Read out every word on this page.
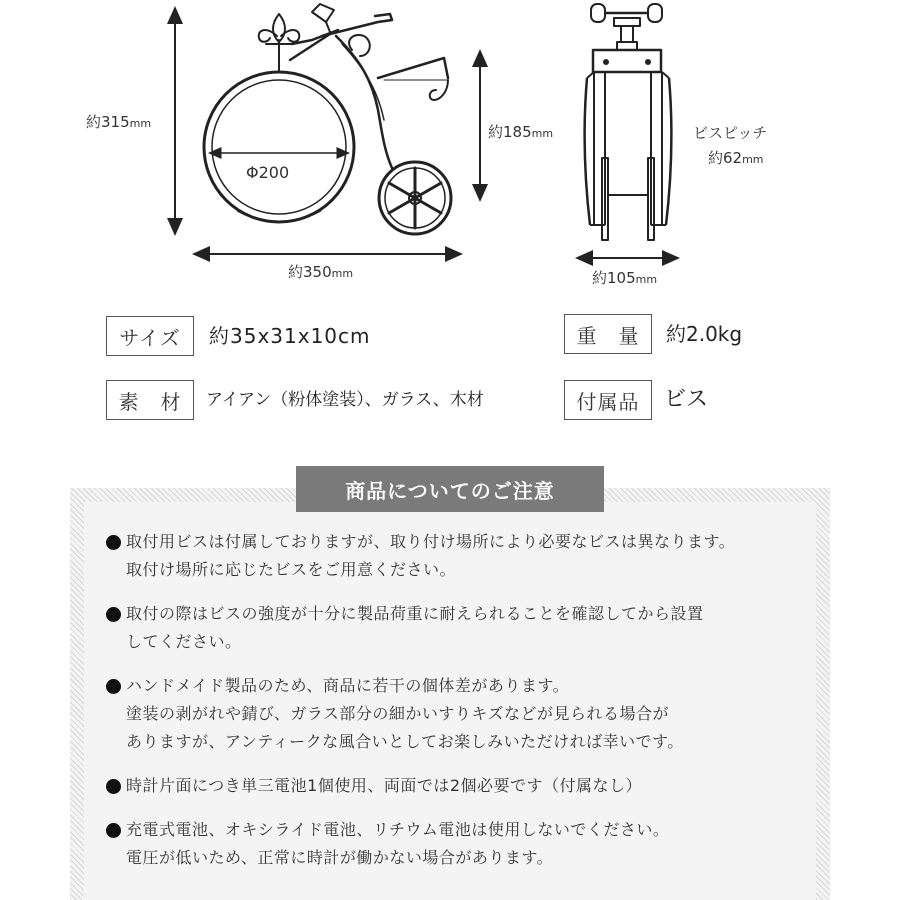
約315mm	約185mm
約350mm
Φ200
約105mm
ビスピッチ
約62mm
サイズ	約35x31x10cm	重　量	約2.0kg
素　材	アイアン（粉体塗装）、ガラス、木材	付属品	ビス
商品についてのご注意

取付用ビスは付属しておりますが、取り付け場所により必要なビスは異なります。

取付け場所に応じたビスをご用意ください。

取付の際はビスの強度が十分に製品荷重に耐えられることを確認してから設置

してください。

ハンドメイド製品のため、商品に若干の個体差があります。

塗装の剥がれや錆び、ガラス部分の細かいすりキズなどが見られる場合が

ありますが、アンティークな風合いとしてお楽しみいただければ幸いです。

時計片面につき単三電池1個使用、両面では2個必要です（付属なし）

充電式電池、オキシライド電池、リチウム電池は使用しないでください。

電圧が低いため、正常に時計が働かない場合があります。
